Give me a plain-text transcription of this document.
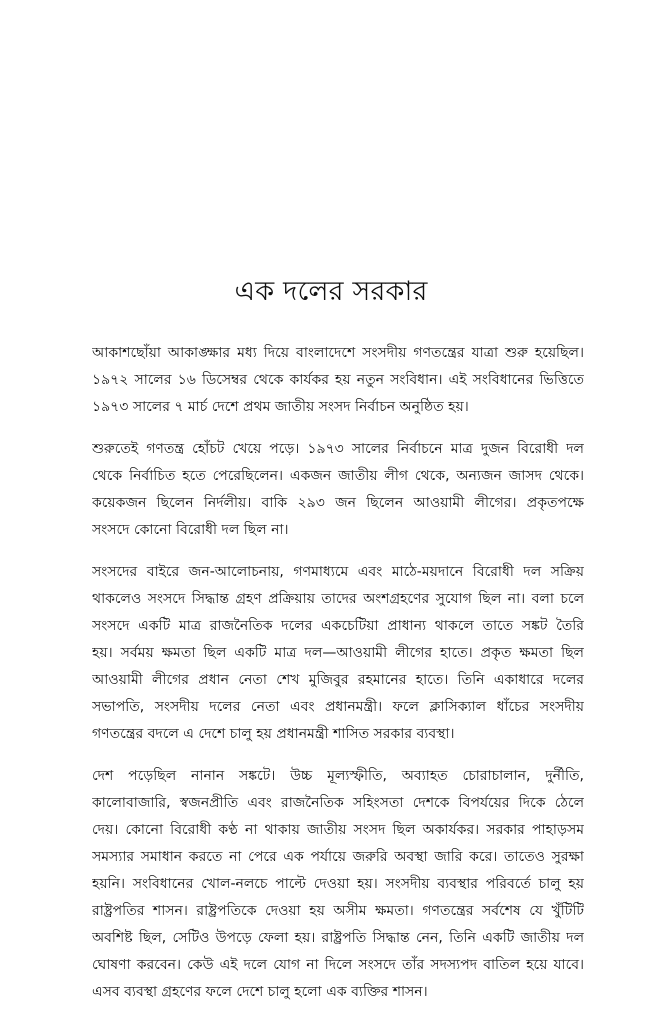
এক দলের সরকার

আকাশছোঁয়া আকাঙ্ক্ষার মধ্য দিয়ে বাংলাদেশে সংসদীয় গণতন্ত্রের যাত্রা শুরু হয়েছিল।
১৯৭২ সালের ১৬ ডিসেম্বর থেকে কার্যকর হয় নতুন সংবিধান। এই সংবিধানের ভিত্তিতে
১৯৭৩ সালের ৭ মার্চ দেশে প্রথম জাতীয় সংসদ নির্বাচন অনুষ্ঠিত হয়।

শুরুতেই গণতন্ত্র হোঁচট খেয়ে পড়ে। ১৯৭৩ সালের নির্বাচনে মাত্র দুজন বিরোধী দল
থেকে নির্বাচিত হতে পেরেছিলেন। একজন জাতীয় লীগ থেকে, অন্যজন জাসদ থেকে।
কয়েকজন ছিলেন নির্দলীয়। বাকি ২৯৩ জন ছিলেন আওয়ামী লীগের। প্রকৃতপক্ষে
সংসদে কোনো বিরোধী দল ছিল না।

সংসদের বাইরে জন-আলোচনায়, গণমাধ্যমে এবং মাঠে-ময়দানে বিরোধী দল সক্রিয়
থাকলেও সংসদে সিদ্ধান্ত গ্রহণ প্রক্রিয়ায় তাদের অংশগ্রহণের সুযোগ ছিল না। বলা চলে
সংসদে একটি মাত্র রাজনৈতিক দলের একচেটিয়া প্রাধান্য থাকলে তাতে সঙ্কট তৈরি
হয়। সর্বময় ক্ষমতা ছিল একটি মাত্র দল—আওয়ামী লীগের হাতে। প্রকৃত ক্ষমতা ছিল
আওয়ামী লীগের প্রধান নেতা শেখ মুজিবুর রহমানের হাতে। তিনি একাধারে দলের
সভাপতি, সংসদীয় দলের নেতা এবং প্রধানমন্ত্রী। ফলে ক্লাসিক্যাল ধাঁচের সংসদীয়
গণতন্ত্রের বদলে এ দেশে চালু হয় প্রধানমন্ত্রী শাসিত সরকার ব্যবস্থা।

দেশ পড়েছিল নানান সঙ্কটে। উচ্চ মূল্যস্ফীতি, অব্যাহত চোরাচালান, দুর্নীতি,
কালোবাজারি, স্বজনপ্রীতি এবং রাজনৈতিক সহিংসতা দেশকে বিপর্যয়ের দিকে ঠেলে
দেয়। কোনো বিরোধী কণ্ঠ না থাকায় জাতীয় সংসদ ছিল অকার্যকর। সরকার পাহাড়সম
সমস্যার সমাধান করতে না পেরে এক পর্যায়ে জরুরি অবস্থা জারি করে। তাতেও সুরক্ষা
হয়নি। সংবিধানের খোল-নলচে পাল্টে দেওয়া হয়। সংসদীয় ব্যবস্থার পরিবর্তে চালু হয়
রাষ্ট্রপতির শাসন। রাষ্ট্রপতিকে দেওয়া হয় অসীম ক্ষমতা। গণতন্ত্রের সর্বশেষ যে খুঁটিটি
অবশিষ্ট ছিল, সেটিও উপড়ে ফেলা হয়। রাষ্ট্রপতি সিদ্ধান্ত নেন, তিনি একটি জাতীয় দল
ঘোষণা করবেন। কেউ এই দলে যোগ না দিলে সংসদে তাঁর সদস্যপদ বাতিল হয়ে যাবে।
এসব ব্যবস্থা গ্রহণের ফলে দেশে চালু হলো এক ব্যক্তির শাসন।
